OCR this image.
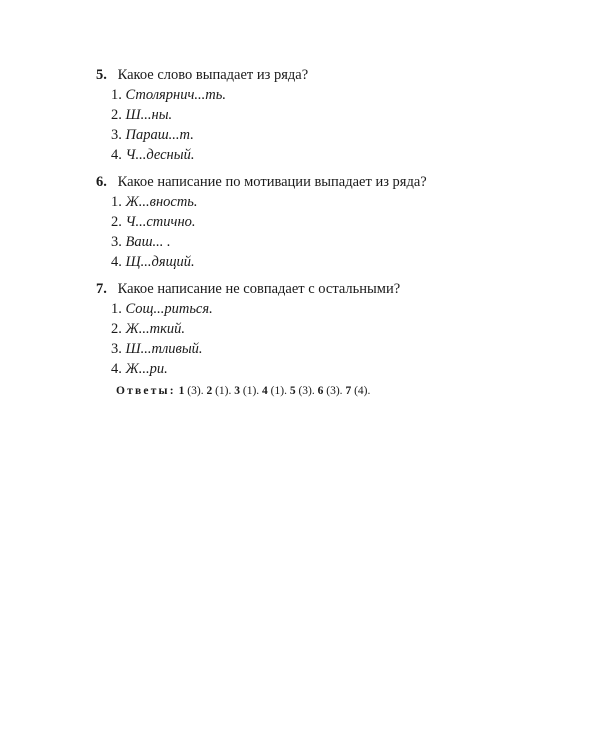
5. Какое слово выпадает из ряда?
1. Столярнич...ть.
2. Ш...ны.
3. Параш...т.
4. Ч...десный.
6. Какое написание по мотивации выпадает из ряда?
1. Ж...вность.
2. Ч...стично.
3. Ваш... .
4. Щ...дящий.
7. Какое написание не совпадает с остальными?
1. Сощ...риться.
2. Ж...ткий.
3. Ш...тливый.
4. Ж...ри.
Ответы: 1 (3). 2 (1). 3 (1). 4 (1). 5 (3). 6 (3). 7 (4).
